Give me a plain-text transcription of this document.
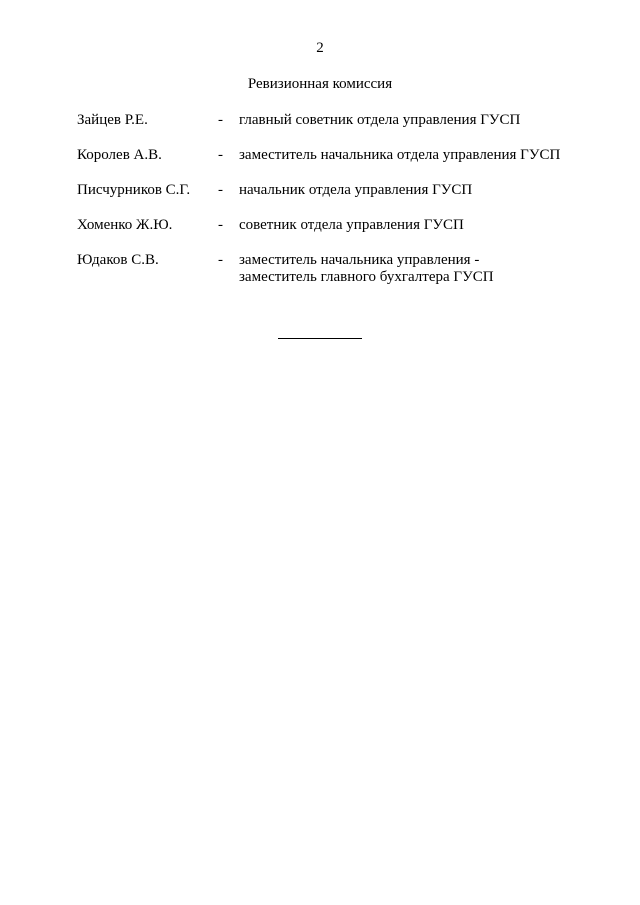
2
Ревизионная комиссия
Зайцев Р.Е.	-	главный советник отдела управления ГУСП
Королев А.В.	-	заместитель начальника отдела управления ГУСП
Писчурников С.Г.	-	начальник отдела управления ГУСП
Хоменко Ж.Ю.	-	советник отдела управления ГУСП
Юдаков С.В.	-	заместитель начальника управления -
заместитель главного бухгалтера ГУСП
